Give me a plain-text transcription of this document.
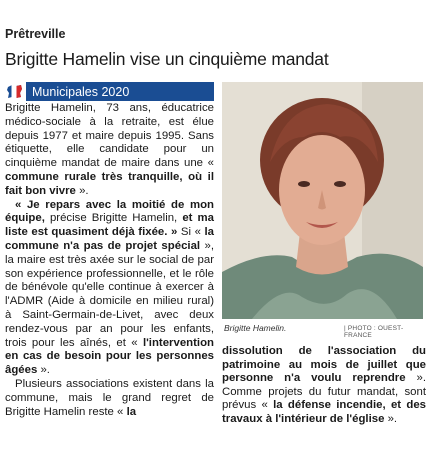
Prêtreville
Brigitte Hamelin vise un cinquième mandat
Municipales 2020

Brigitte Hamelin, 73 ans, éducatrice médico-sociale à la retraite, est élue depuis 1977 et maire depuis 1995. Sans étiquette, elle candidate pour un cinquième mandat de maire dans une « commune rurale très tranquille, où il fait bon vivre ».

« Je repars avec la moitié de mon équipe, précise Brigitte Hamelin, et ma liste est quasiment déjà fixée. » Si « la commune n'a pas de projet spécial », la maire est très axée sur le social de par son expérience professionnelle, et le rôle de bénévole qu'elle continue à exercer à l'ADMR (Aide à domicile en milieu rural) à Saint-Germain-de-Livet, avec deux rendez-vous par an pour les enfants, trois pour les aînés, et « l'intervention en cas de besoin pour les personnes âgées ».

Plusieurs associations existent dans la commune, mais le grand regret de Brigitte Hamelin reste « la

Brigitte Hamelin.	| PHOTO : OUEST-FRANCE

dissolution de l'association du patrimoine au mois de juillet que personne n'a voulu reprendre ». Comme projets du futur mandat, sont prévus « la défense incendie, et des travaux à l'intérieur de l'église ».
